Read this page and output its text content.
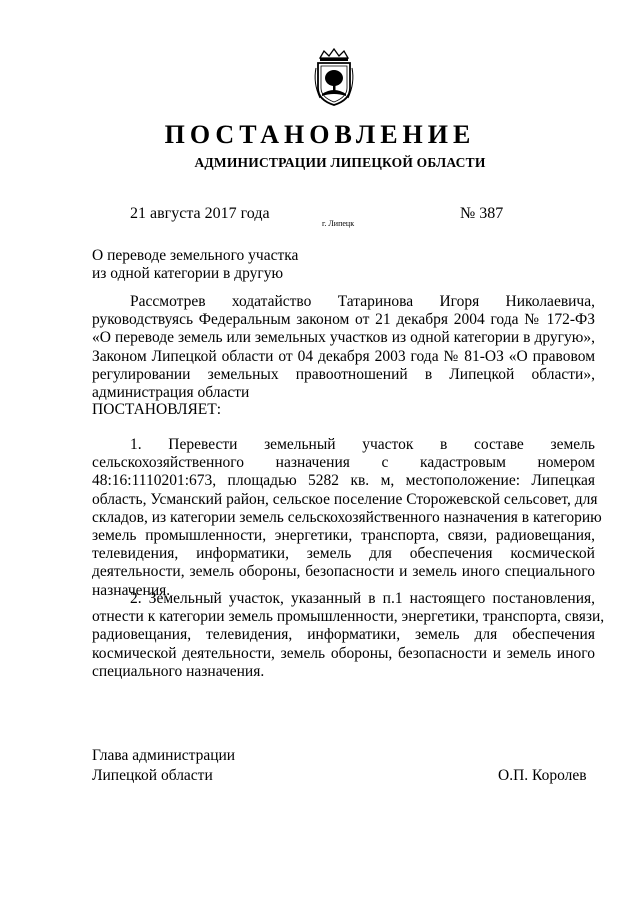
ПОСТАНОВЛЕНИЕ
АДМИНИСТРАЦИИ ЛИПЕЦКОЙ ОБЛАСТИ
21 августа 2017 года
г. Липецк
№ 387
О переводе земельного участка
из одной категории в другую
Рассмотрев ходатайство Татаринова Игоря Николаевича,
руководствуясь Федеральным законом от 21 декабря 2004 года № 172-ФЗ
«О переводе земель или земельных участков из одной категории в другую»,
Законом Липецкой области от 04 декабря 2003 года № 81-ОЗ «О правовом
регулировании земельных правоотношений в Липецкой области»,
администрация области
ПОСТАНОВЛЯЕТ:
1. Перевести земельный участок в составе земель
сельскохозяйственного назначения с кадастровым номером
48:16:1110201:673, площадью 5282 кв. м, местоположение: Липецкая
область, Усманский район, сельское поселение Сторожевской сельсовет, для
складов, из категории земель сельскохозяйственного назначения в категорию
земель промышленности, энергетики, транспорта, связи, радиовещания,
телевидения, информатики, земель для обеспечения космической
деятельности, земель обороны, безопасности и земель иного специального
назначения.
2. Земельный участок, указанный в п.1 настоящего постановления,
отнести к категории земель промышленности, энергетики, транспорта, связи,
радиовещания, телевидения, информатики, земель для обеспечения
космической деятельности, земель обороны, безопасности и земель иного
специального назначения.
Глава администрации
Липецкой области	О.П. Королев
